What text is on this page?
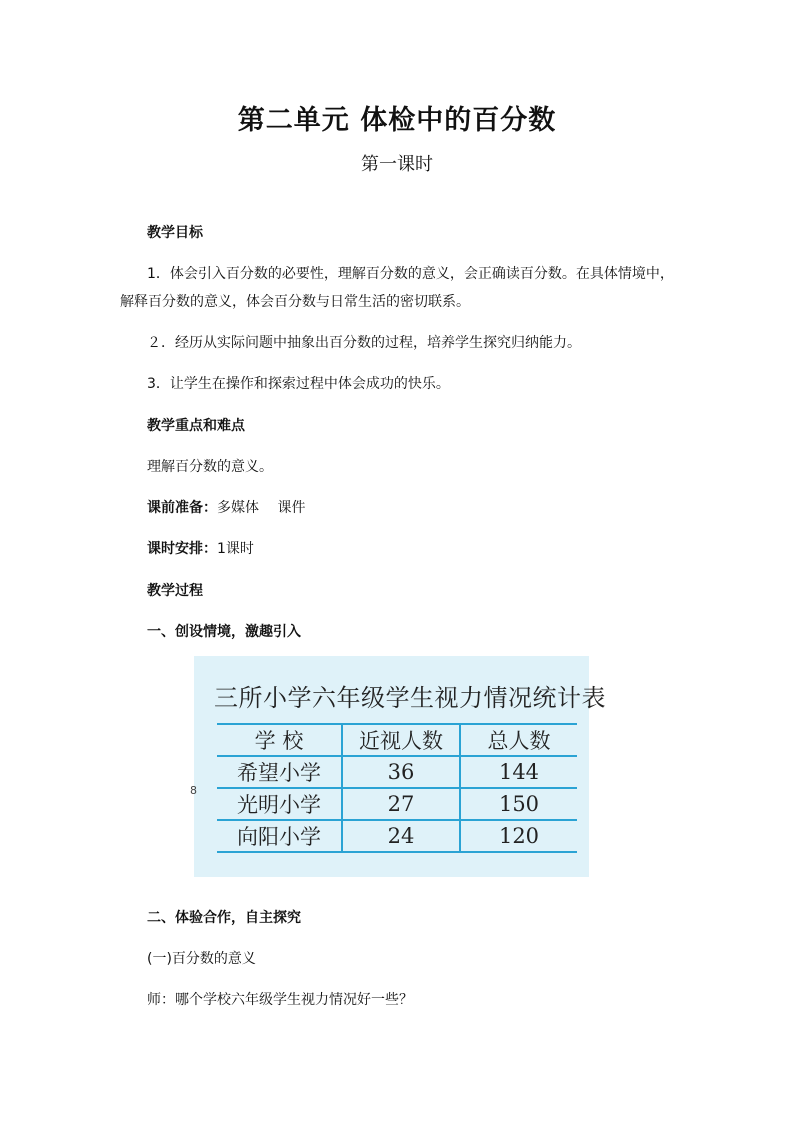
第二单元 体检中的百分数
第一课时
教学目标
1．体会引入百分数的必要性，理解百分数的意义，会正确读百分数。在具体情境中，
解释百分数的意义，体会百分数与日常生活的密切联系。
２．经历从实际问题中抽象出百分数的过程，培养学生探究归纳能力。
3．让学生在操作和探索过程中体会成功的快乐。
教学重点和难点
理解百分数的意义。
课前准备：多媒体　 课件
课时安排：1课时
教学过程
一、创设情境，激趣引入
三所小学六年级学生视力情况统计表
学 校	近视人数	总人数
希望小学	36	144
光明小学	27	150
向阳小学	24	120
8
二、体验合作，自主探究
(一)百分数的意义
师：哪个学校六年级学生视力情况好一些？
